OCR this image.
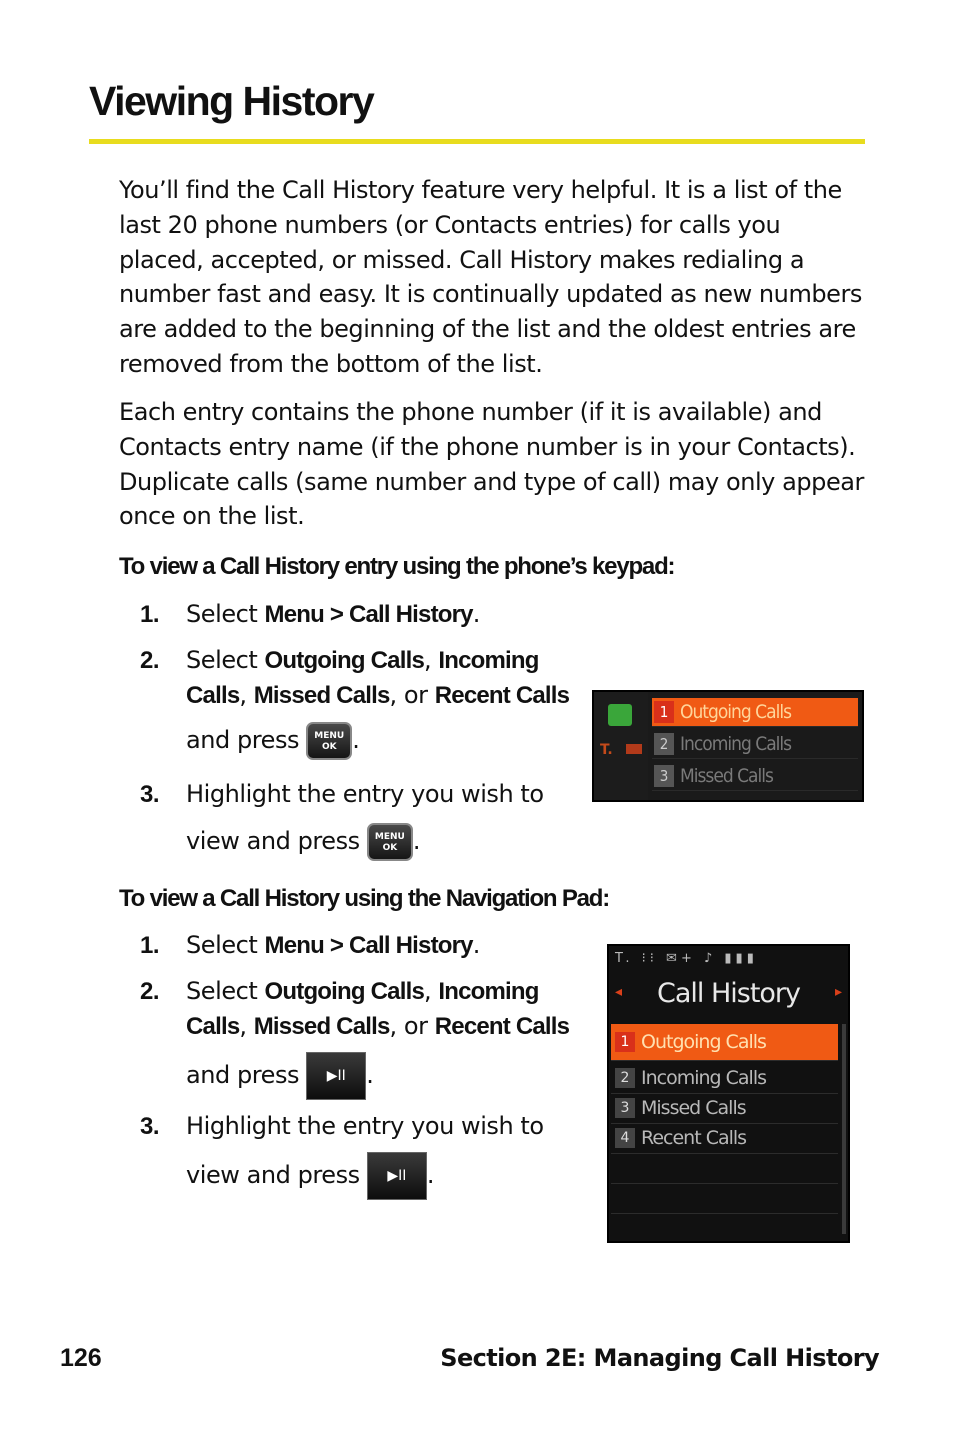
Viewing History

You’ll find the Call History feature very helpful. It is a list of the last 20 phone numbers (or Contacts entries) for calls you placed, accepted, or missed. Call History makes redialing a number fast and easy. It is continually updated as new numbers are added to the beginning of the list and the oldest entries are removed from the bottom of the list.

Each entry contains the phone number (if it is available) and Contacts entry name (if the phone number is in your Contacts). Duplicate calls (same number and type of call) may only appear once on the list.

To view a Call History entry using the phone’s keypad:
1. Select Menu > Call History.
2. Select Outgoing Calls, Incoming Calls, Missed Calls, or Recent Calls
and press MENU
OK .
3. Highlight the entry you wish to
view and press MENU
OK .
T.
1 Outgoing Calls
2 Incoming Calls
3 Missed Calls
To view a Call History using the Navigation Pad:
1. Select Menu > Call History.
2. Select Outgoing Calls, Incoming Calls, Missed Calls, or Recent Calls
and press ▶II .
3. Highlight the entry you wish to
view and press ▶II .
T. ⁝⁝ ✉+ ♪ ▮▮▮
◂	Call History	▸
1 Outgoing Calls
2 Incoming Calls
3 Missed Calls
4 Recent Calls
126	Section 2E: Managing Call History
